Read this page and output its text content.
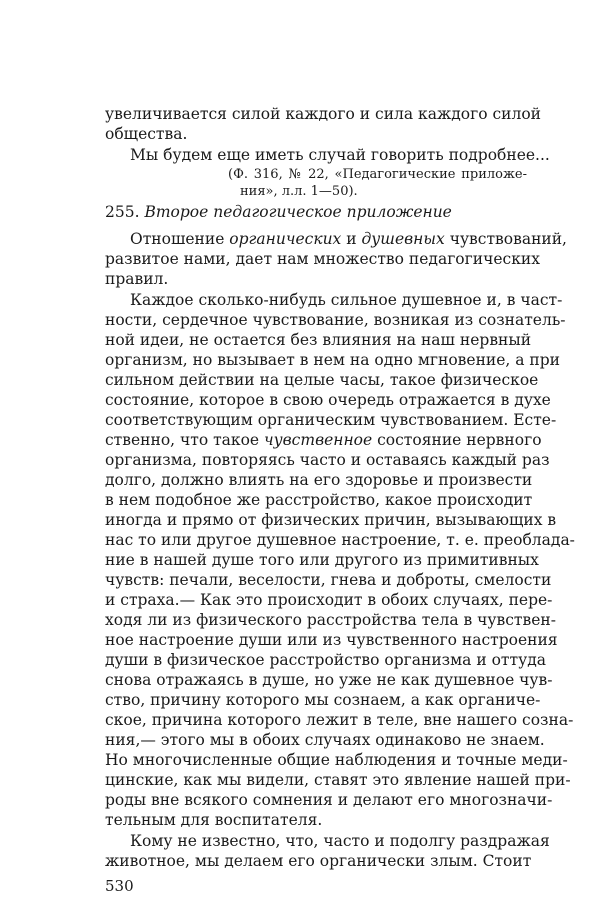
увеличивается силой каждого и сила каждого силой
общества.
Мы будем еще иметь случай говорить подробнее...
(Ф. 316, № 22, «Педагогические приложе-
ния», л.л. 1—50).
255. Второе педагогическое приложение
Отношение органических и душевных чувствований,
развитое нами, дает нам множество педагогических
правил.
Каждое сколько-нибудь сильное душевное и, в част-
ности, сердечное чувствование, возникая из сознатель-
ной идеи, не остается без влияния на наш нервный
организм, но вызывает в нем на одно мгновение, а при
сильном действии на целые часы, такое физическое
состояние, которое в свою очередь отражается в духе
соответствующим органическим чувствованием. Есте-
ственно, что такое чувственное состояние нервного
организма, повторяясь часто и оставаясь каждый раз
долго, должно влиять на его здоровье и произвести
в нем подобное же расстройство, какое происходит
иногда и прямо от физических причин, вызывающих в
нас то или другое душевное настроение, т. е. преоблада-
ние в нашей душе того или другого из примитивных
чувств: печали, веселости, гнева и доброты, смелости
и страха.— Как это происходит в обоих случаях, пере-
ходя ли из физического расстройства тела в чувствен-
ное настроение души или из чувственного настроения
души в физическое расстройство организма и оттуда
снова отражаясь в душе, но уже не как душевное чув-
ство, причину которого мы сознаем, а как органиче-
ское, причина которого лежит в теле, вне нашего созна-
ния,— этого мы в обоих случаях одинаково не знаем.
Но многочисленные общие наблюдения и точные меди-
цинские, как мы видели, ставят это явление нашей при-
роды вне всякого сомнения и делают его многозначи-
тельным для воспитателя.
Кому не известно, что, часто и подолгу раздражая
животное, мы делаем его органически злым. Стоит
530
